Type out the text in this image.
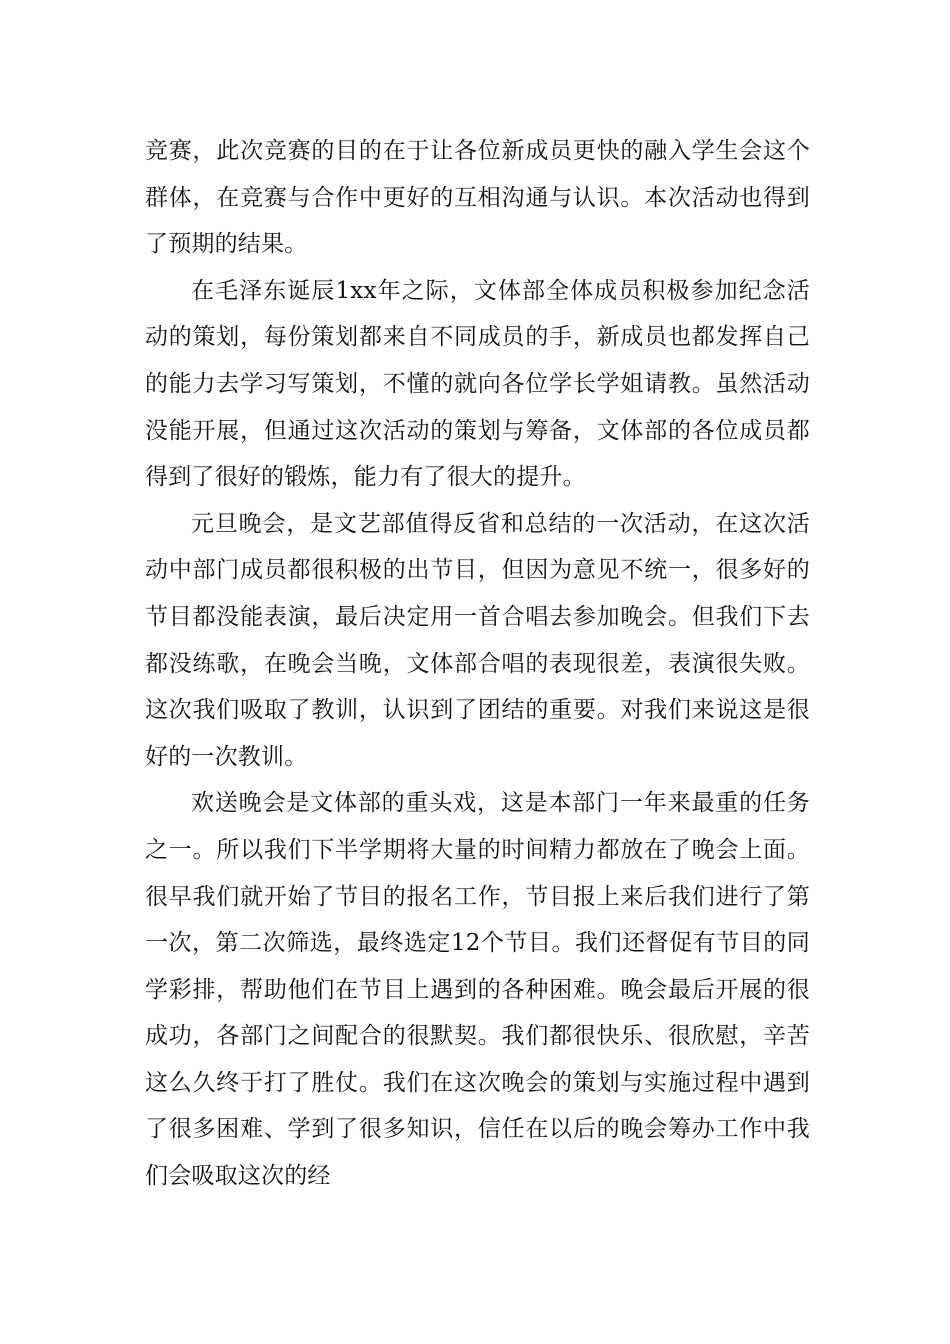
竞赛，此次竞赛的目的在于让各位新成员更快的融入学生会这个群体，在竞赛与合作中更好的互相沟通与认识。本次活动也得到了预期的结果。

在毛泽东诞辰1xx年之际，文体部全体成员积极参加纪念活动的策划，每份策划都来自不同成员的手，新成员也都发挥自己的能力去学习写策划，不懂的就向各位学长学姐请教。虽然活动没能开展，但通过这次活动的策划与筹备，文体部的各位成员都得到了很好的锻炼，能力有了很大的提升。

元旦晚会，是文艺部值得反省和总结的一次活动，在这次活动中部门成员都很积极的出节目，但因为意见不统一，很多好的节目都没能表演，最后决定用一首合唱去参加晚会。但我们下去都没练歌，在晚会当晚，文体部合唱的表现很差，表演很失败。这次我们吸取了教训，认识到了团结的重要。对我们来说这是很好的一次教训。

欢送晚会是文体部的重头戏，这是本部门一年来最重的任务之一。所以我们下半学期将大量的时间精力都放在了晚会上面。很早我们就开始了节目的报名工作，节目报上来后我们进行了第一次，第二次筛选，最终选定12个节目。我们还督促有节目的同学彩排，帮助他们在节目上遇到的各种困难。晚会最后开展的很成功，各部门之间配合的很默契。我们都很快乐、很欣慰，辛苦这么久终于打了胜仗。我们在这次晚会的策划与实施过程中遇到了很多困难、学到了很多知识，信任在以后的晚会筹办工作中我们会吸取这次的经
